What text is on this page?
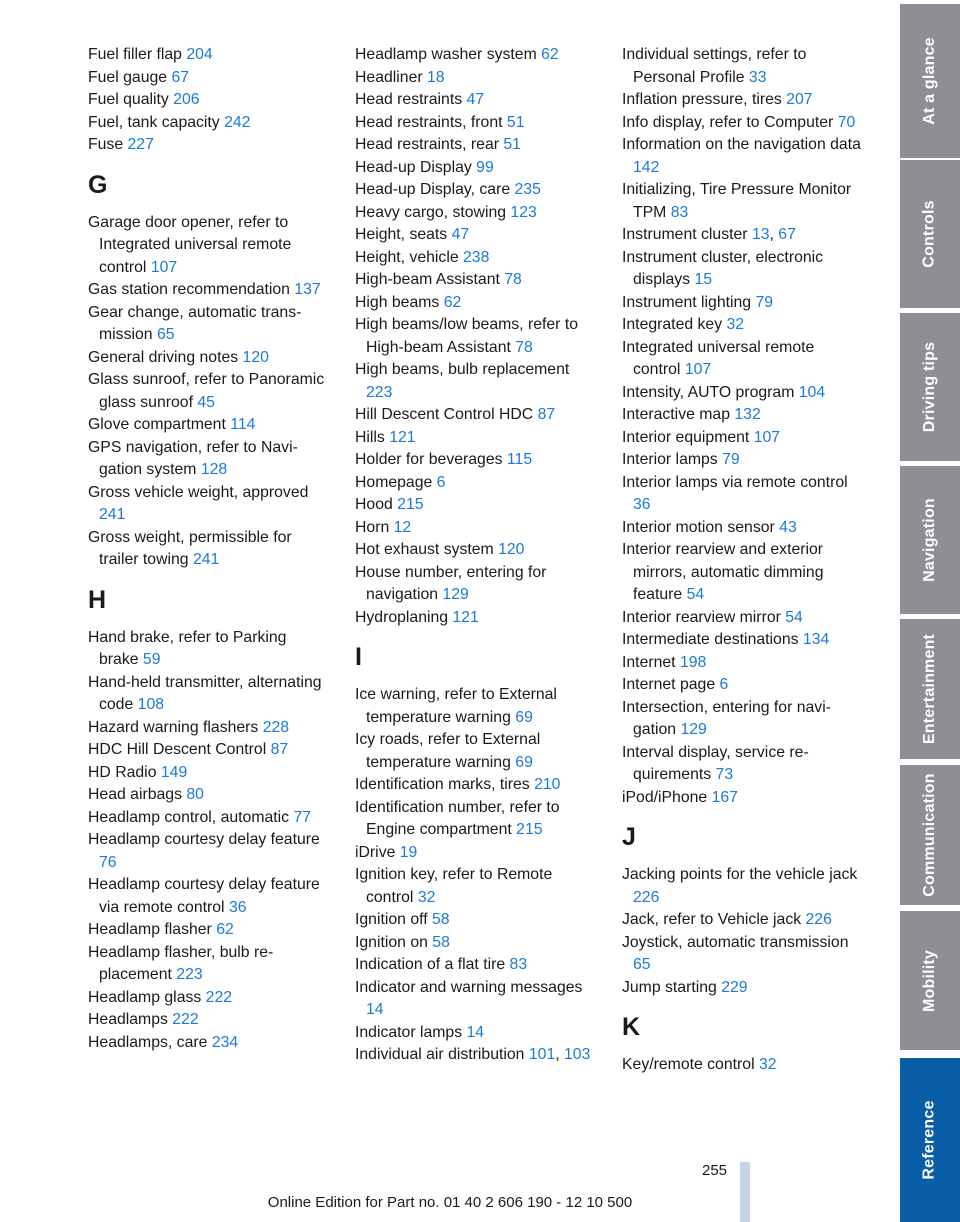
Fuel filler flap 204

Fuel gauge 67

Fuel quality 206

Fuel, tank capacity 242

Fuse 227

G

Garage door opener, refer to Integrated universal remote control 107

Gas station recommendation 137

Gear change, automatic transmission 65

General driving notes 120

Glass sunroof, refer to Panoramic glass sunroof 45

Glove compartment 114

GPS navigation, refer to Navigation system 128

Gross vehicle weight, approved 241

Gross weight, permissible for trailer towing 241

H

Hand brake, refer to Parking brake 59

Hand-held transmitter, alternating code 108

Hazard warning flashers 228

HDC Hill Descent Control 87

HD Radio 149

Head airbags 80

Headlamp control, automatic 77

Headlamp courtesy delay feature 76

Headlamp courtesy delay feature via remote control 36

Headlamp flasher 62

Headlamp flasher, bulb replacement 223

Headlamp glass 222

Headlamps 222

Headlamps, care 234

Headlamp washer system 62

Headliner 18

Head restraints 47

Head restraints, front 51

Head restraints, rear 51

Head-up Display 99

Head-up Display, care 235

Heavy cargo, stowing 123

Height, seats 47

Height, vehicle 238

High-beam Assistant 78

High beams 62

High beams/low beams, refer to High-beam Assistant 78

High beams, bulb replacement 223

Hill Descent Control HDC 87

Hills 121

Holder for beverages 115

Homepage 6

Hood 215

Horn 12

Hot exhaust system 120

House number, entering for navigation 129

Hydroplaning 121

I

Ice warning, refer to External temperature warning 69

Icy roads, refer to External temperature warning 69

Identification marks, tires 210

Identification number, refer to Engine compartment 215

iDrive 19

Ignition key, refer to Remote control 32

Ignition off 58

Ignition on 58

Indication of a flat tire 83

Indicator and warning messages 14

Indicator lamps 14

Individual air distribution 101, 103

Individual settings, refer to Personal Profile 33

Inflation pressure, tires 207

Info display, refer to Computer 70

Information on the navigation data 142

Initializing, Tire Pressure Monitor TPM 83

Instrument cluster 13, 67

Instrument cluster, electronic displays 15

Instrument lighting 79

Integrated key 32

Integrated universal remote control 107

Intensity, AUTO program 104

Interactive map 132

Interior equipment 107

Interior lamps 79

Interior lamps via remote control 36

Interior motion sensor 43

Interior rearview and exterior mirrors, automatic dimming feature 54

Interior rearview mirror 54

Intermediate destinations 134

Internet 198

Internet page 6

Intersection, entering for navigation 129

Interval display, service requirements 73

iPod/iPhone 167

J

Jacking points for the vehicle jack 226

Jack, refer to Vehicle jack 226

Joystick, automatic transmission 65

Jump starting 229

K

Key/remote control 32

At a glance
Controls
Driving tips
Navigation
Entertainment
Communication
Mobility
Reference
255
Online Edition for Part no. 01 40 2 606 190 - 12 10 500
